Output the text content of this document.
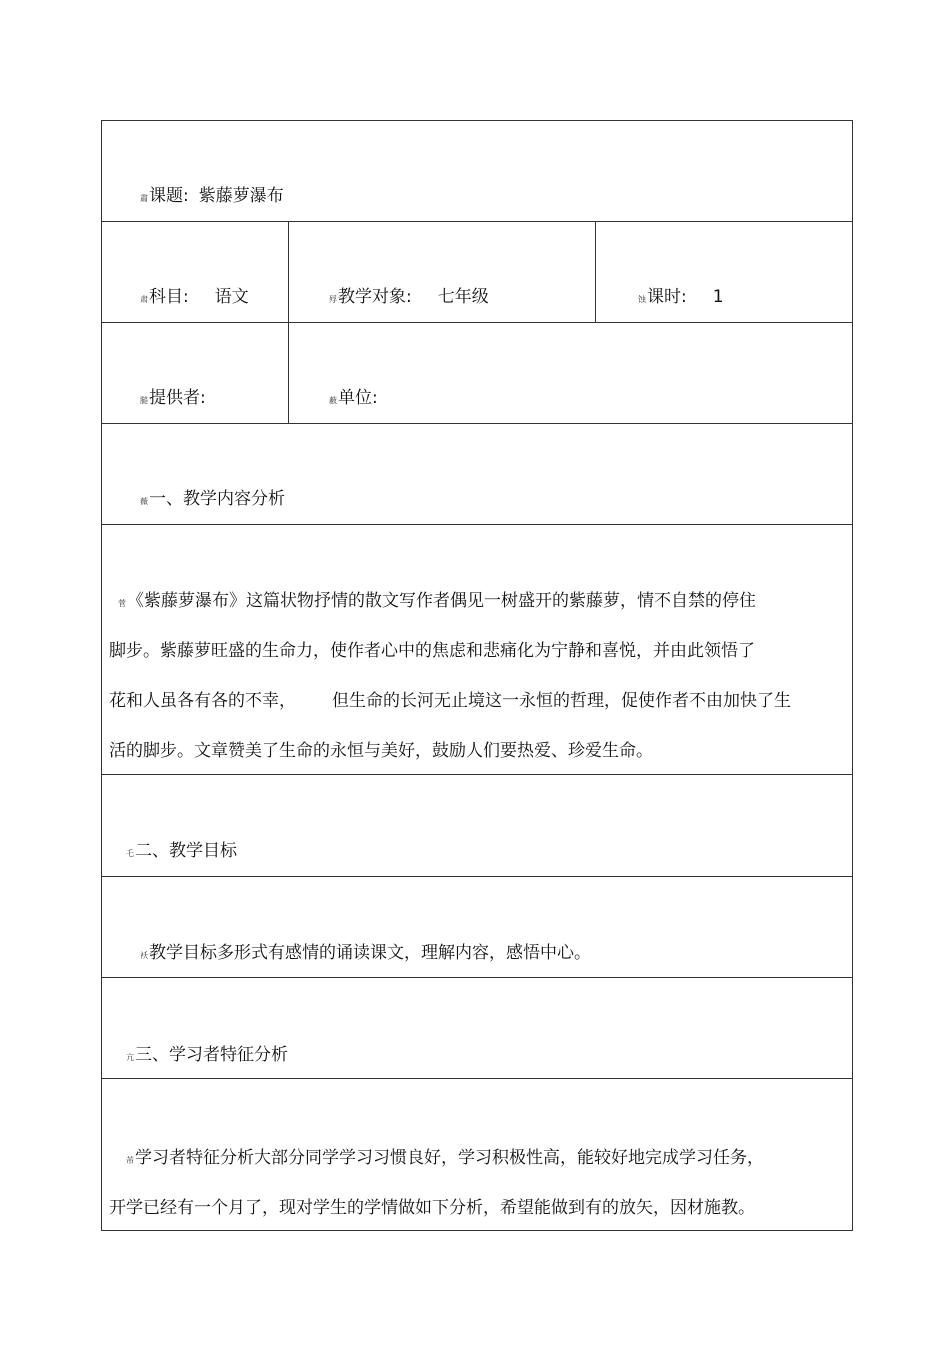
肅课题: 紫藤萝瀑布		

肃科目: 语文	殍教学对象: 七年级	蚀课时: 1

膇提供者:	蔽单位:	

薇一、教学内容分析		

菅《紫藤萝瀑布》这篇状物抒情的散文写作者偶见一树盛开的紫藤萝，情不自禁的停住
脚步。紫藤萝旺盛的生命力，使作者心中的焦虑和悲痛化为宁静和喜悦，并由此领悟了
花和人虽各有各的不幸， 但生命的长河无止境这一永恒的哲理，促使作者不由加快了生
活的脚步。文章赞美了生命的永恒与美好，鼓励人们要热爱、珍爱生命。		

乇二、教学目标		

袄教学目标多形式有感情的诵读课文，理解内容，感悟中心。		

亢三、学习者特征分析		

芾学习者特征分析大部分同学学习习惯良好，学习积极性高，能较好地完成学习任务，
开学已经有一个月了，现对学生的学情做如下分析，希望能做到有的放矢，因材施教。		
